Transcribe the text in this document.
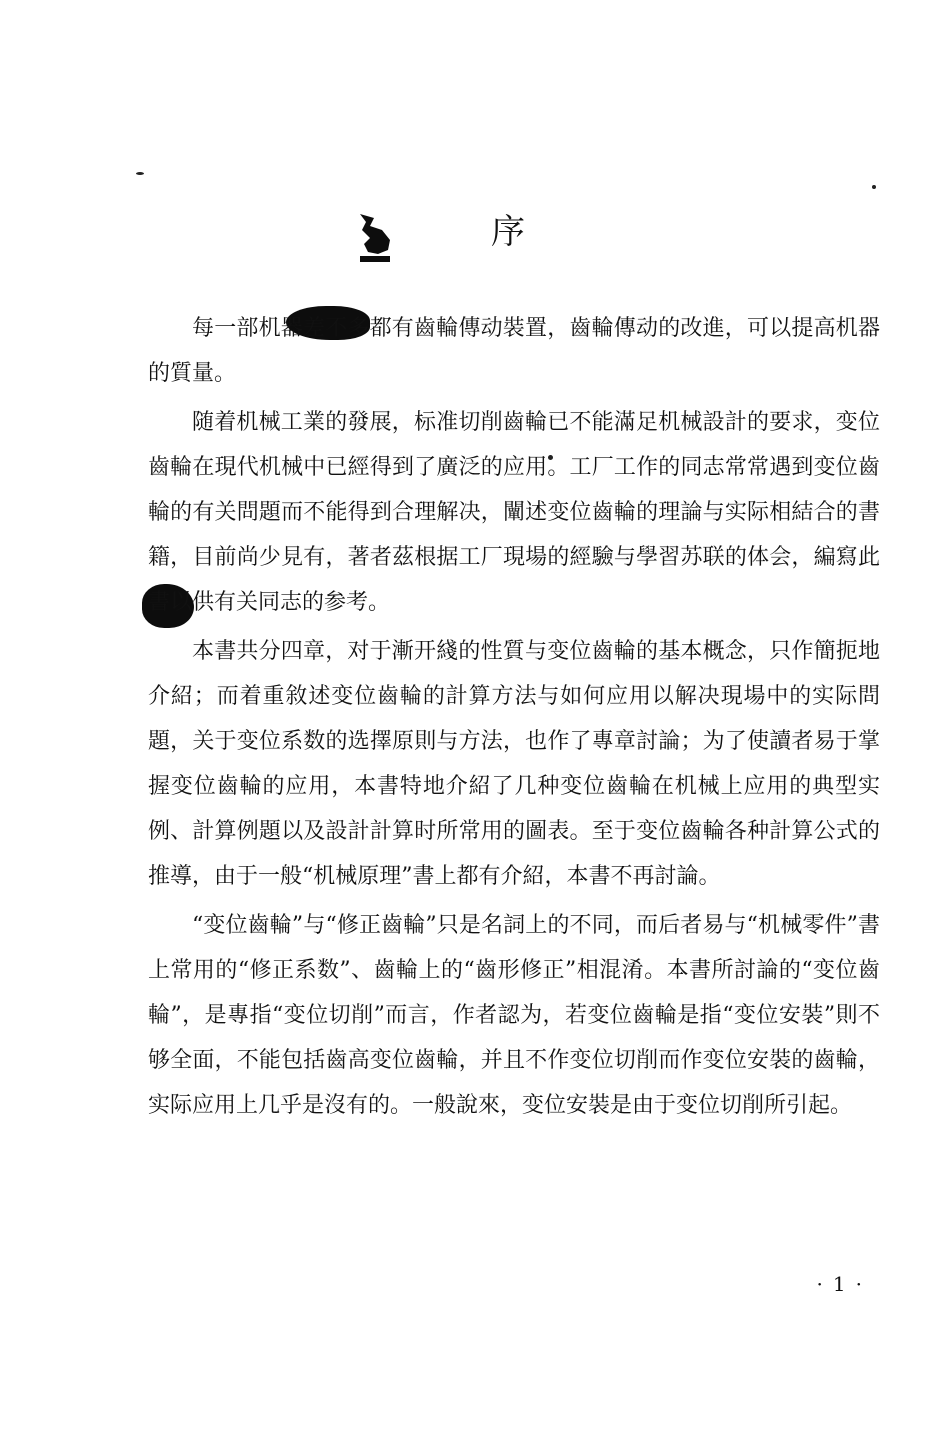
序

每一部机器差不多都有齒輪傳动裝置，齒輪傳动的改進，可以提高机器的質量。

随着机械工業的發展，标准切削齒輪已不能滿足机械設計的要求，变位齒輪在現代机械中已經得到了廣泛的应用。工厂工作的同志常常遇到变位齒輪的有关問題而不能得到合理解决，闡述变位齒輪的理論与实际相結合的書籍，目前尚少見有，著者茲根据工厂現場的經驗与學習苏联的体会，編寫此書以供有关同志的参考。

本書共分四章，对于漸开綫的性質与变位齒輪的基本概念，只作簡扼地介紹；而着重敘述变位齒輪的計算方法与如何应用以解决現場中的实际問題，关于变位系数的选擇原則与方法，也作了專章討論；为了使讀者易于掌握变位齒輪的应用，本書特地介紹了几种变位齒輪在机械上应用的典型实例、計算例題以及設計計算时所常用的圖表。至于变位齒輪各种計算公式的推導，由于一般“机械原理”書上都有介紹，本書不再討論。

“变位齒輪”与“修正齒輪”只是名詞上的不同，而后者易与“机械零件”書上常用的“修正系数”、齒輪上的“齒形修正”相混淆。本書所討論的“变位齒輪”，是專指“变位切削”而言，作者認为，若变位齒輪是指“变位安裝”則不够全面，不能包括齒高变位齒輪，并且不作变位切削而作变位安裝的齒輪，实际应用上几乎是沒有的。一般說來，变位安裝是由于变位切削所引起。

·1·
